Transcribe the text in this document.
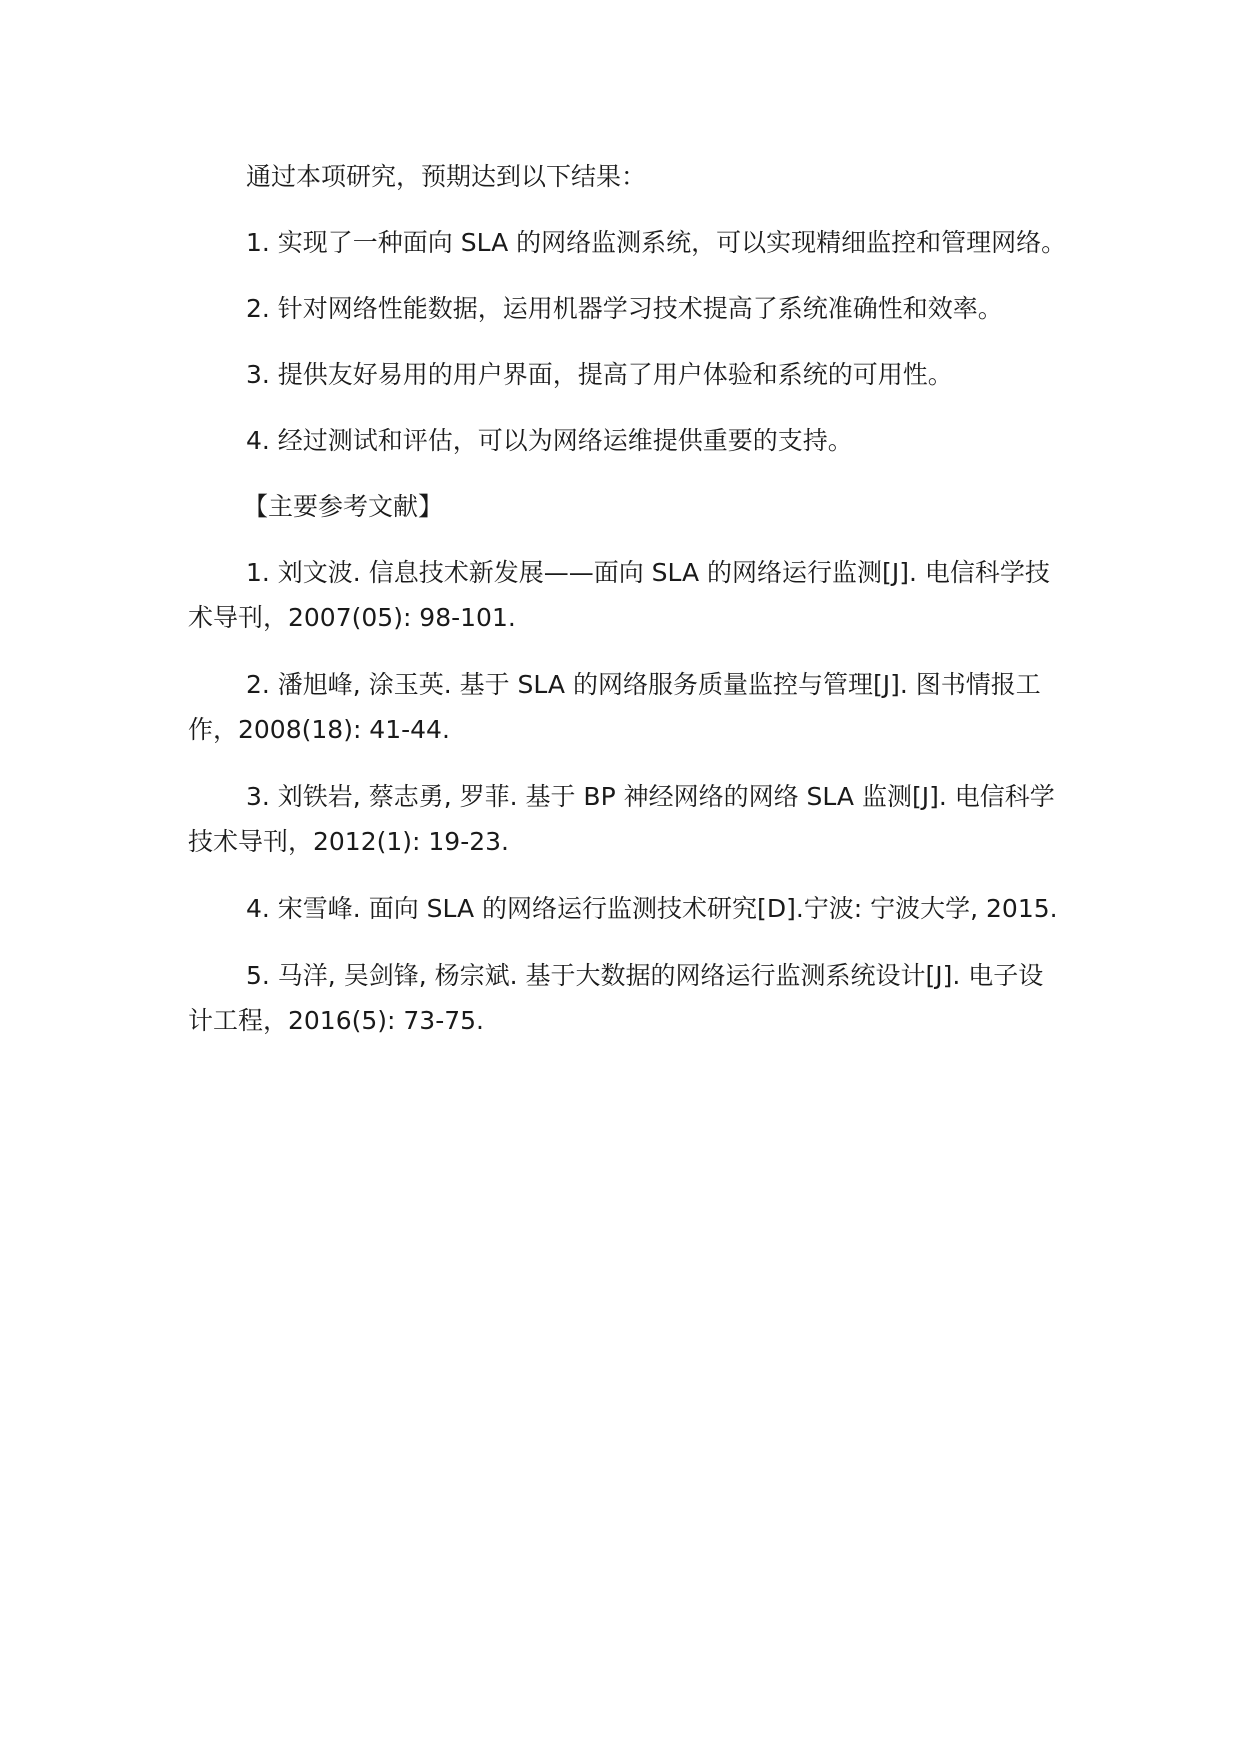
通过本项研究，预期达到以下结果：

1. 实现了一种面向 SLA 的网络监测系统，可以实现精细监控和管理网络。

2. 针对网络性能数据，运用机器学习技术提高了系统准确性和效率。

3. 提供友好易用的用户界面，提高了用户体验和系统的可用性。

4. 经过测试和评估，可以为网络运维提供重要的支持。

【主要参考文献】

1. 刘文波. 信息技术新发展——面向 SLA 的网络运行监测[J]. 电信科学技术导刊，2007(05): 98-101.

2. 潘旭峰, 涂玉英. 基于 SLA 的网络服务质量监控与管理[J]. 图书情报工作，2008(18): 41-44.

3. 刘铁岩, 蔡志勇, 罗菲. 基于 BP 神经网络的网络 SLA 监测[J]. 电信科学技术导刊，2012(1): 19-23.

4. 宋雪峰. 面向 SLA 的网络运行监测技术研究[D].宁波: 宁波大学, 2015.

5. 马洋, 吴剑锋, 杨宗斌. 基于大数据的网络运行监测系统设计[J]. 电子设计工程，2016(5): 73-75.
